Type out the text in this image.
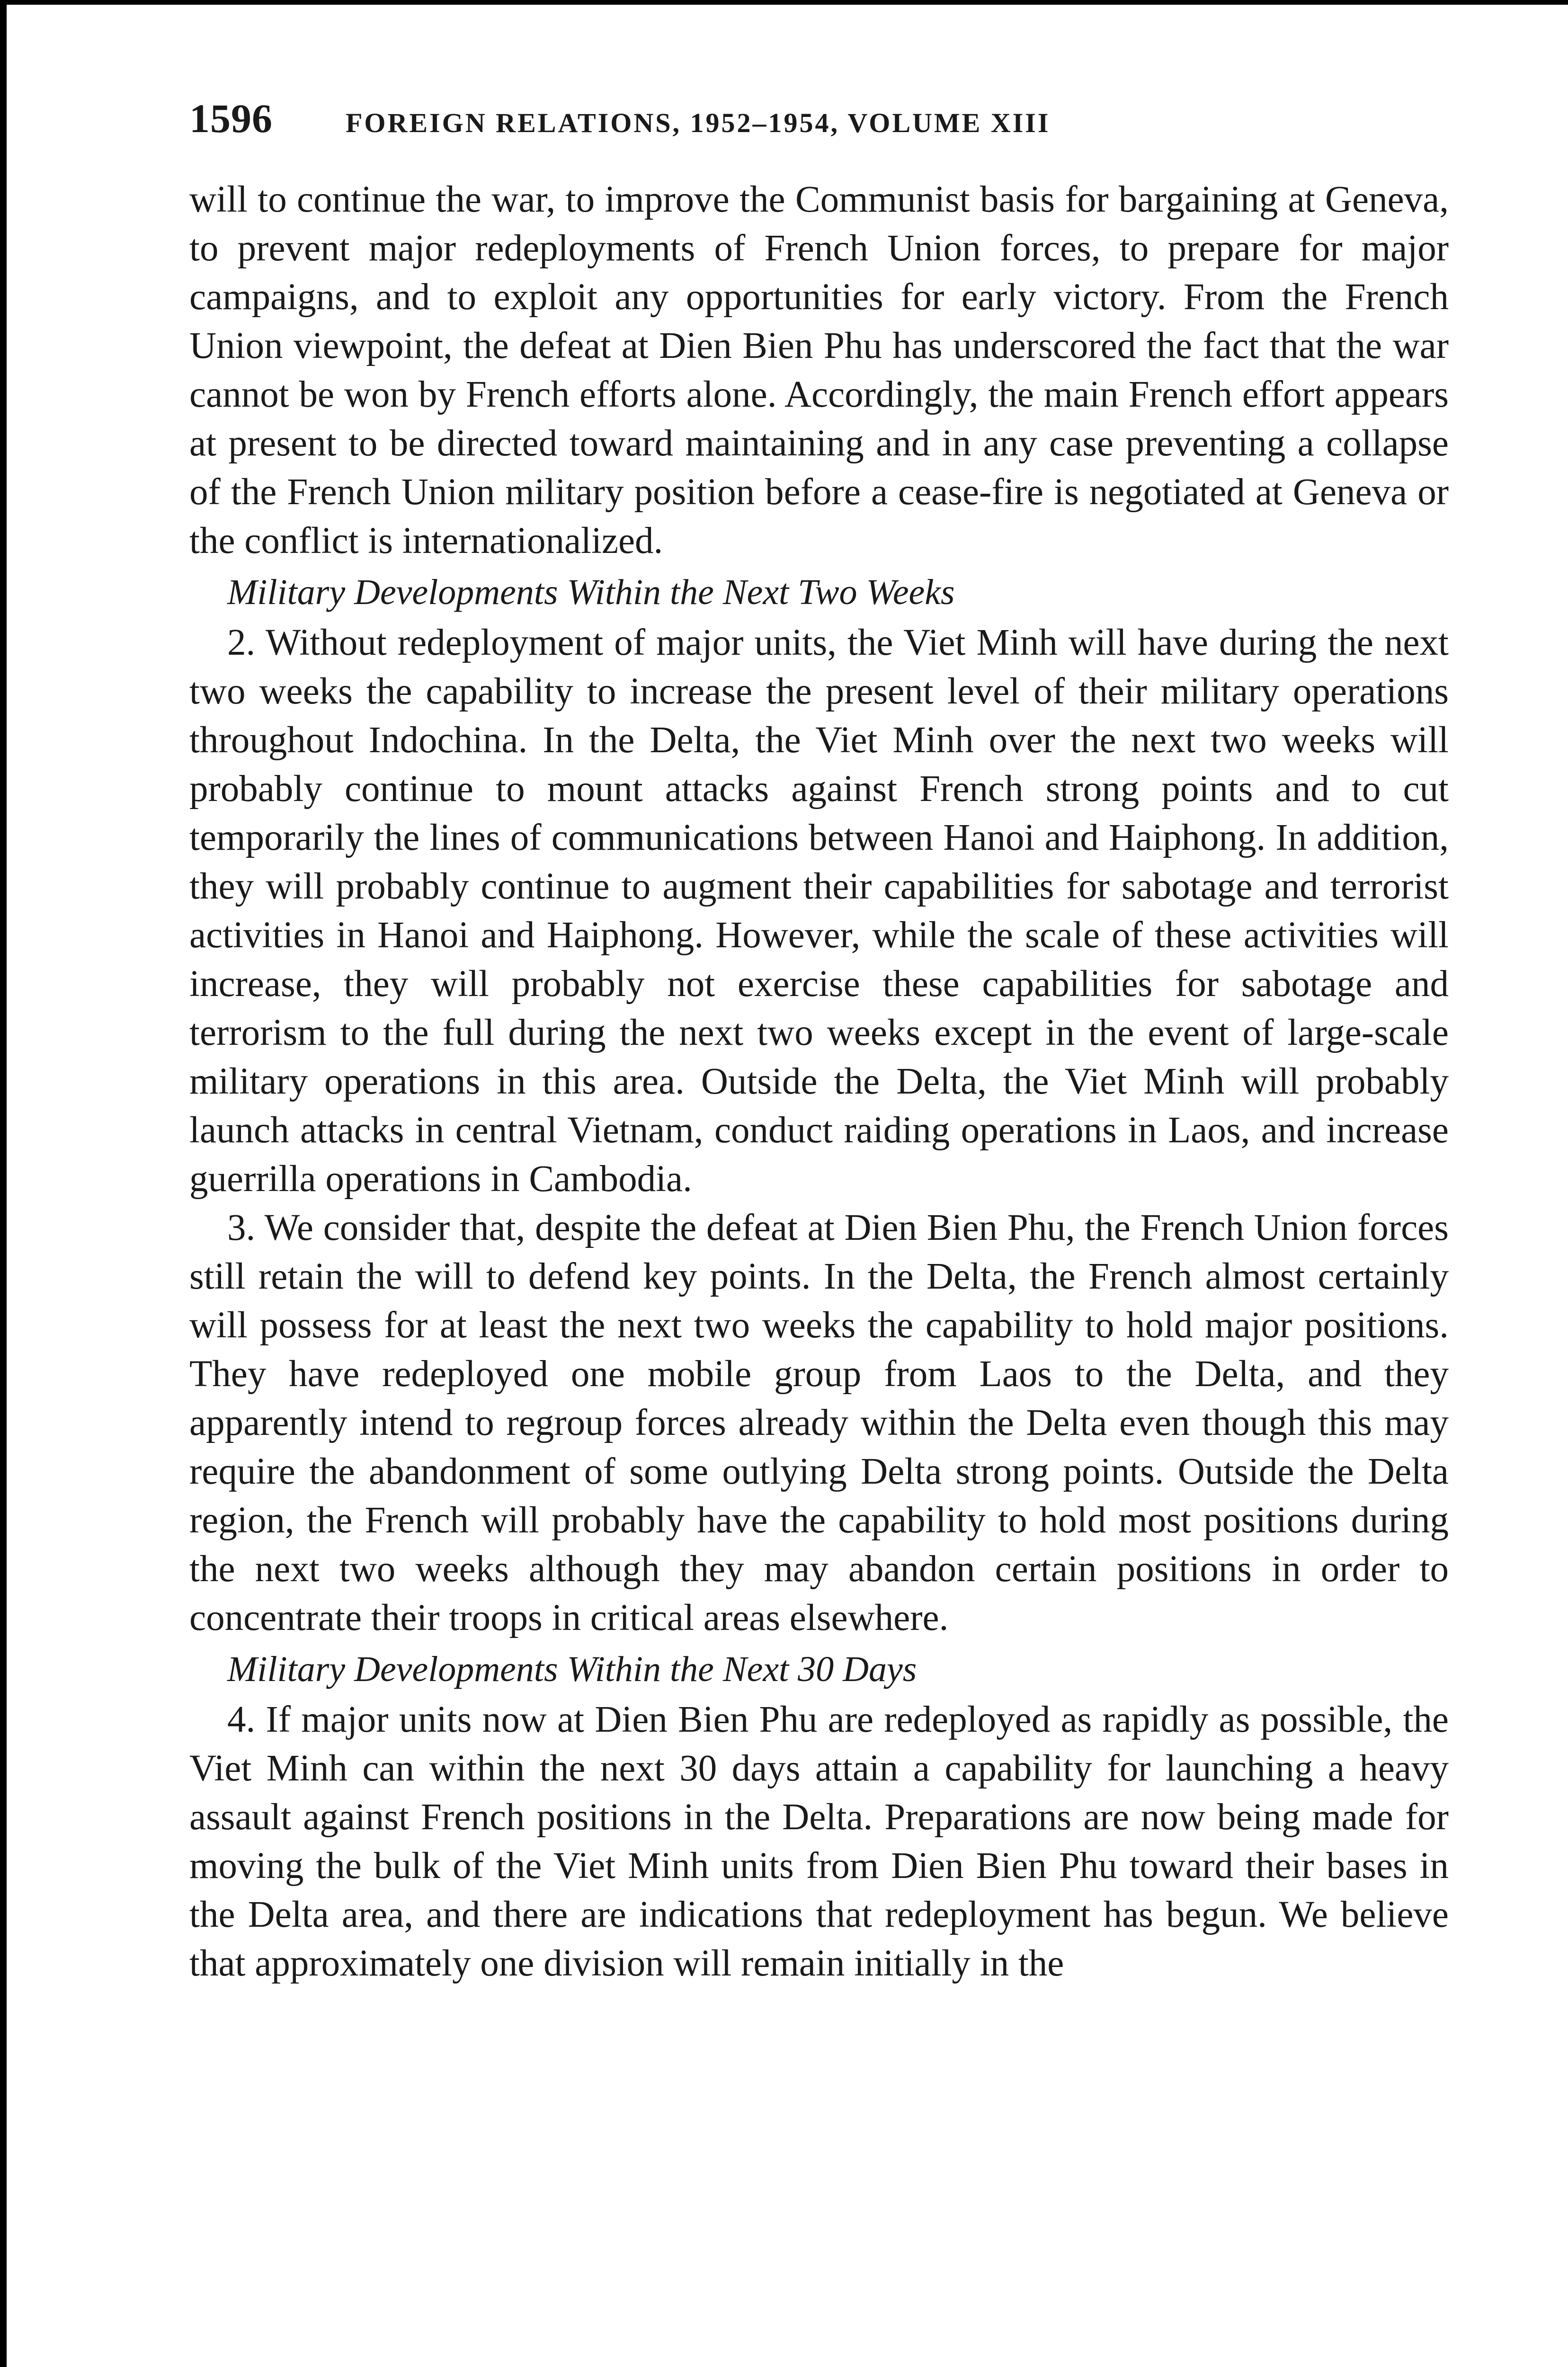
1596	FOREIGN RELATIONS, 1952–1954, VOLUME XIII

will to continue the war, to improve the Communist basis for bargaining at Geneva, to prevent major redeployments of French Union forces, to prepare for major campaigns, and to exploit any opportunities for early victory. From the French Union viewpoint, the defeat at Dien Bien Phu has underscored the fact that the war cannot be won by French efforts alone. Accordingly, the main French effort appears at present to be directed toward maintaining and in any case preventing a collapse of the French Union military position before a cease-fire is negotiated at Geneva or the conflict is internationalized.

Military Developments Within the Next Two Weeks

2. Without redeployment of major units, the Viet Minh will have during the next two weeks the capability to increase the present level of their military operations throughout Indochina. In the Delta, the Viet Minh over the next two weeks will probably continue to mount attacks against French strong points and to cut temporarily the lines of communications between Hanoi and Haiphong. In addition, they will probably continue to augment their capabilities for sabotage and terrorist activities in Hanoi and Haiphong. However, while the scale of these activities will increase, they will probably not exercise these capabilities for sabotage and terrorism to the full during the next two weeks except in the event of large-scale military operations in this area. Outside the Delta, the Viet Minh will probably launch attacks in central Vietnam, conduct raiding operations in Laos, and increase guerrilla operations in Cambodia.

3. We consider that, despite the defeat at Dien Bien Phu, the French Union forces still retain the will to defend key points. In the Delta, the French almost certainly will possess for at least the next two weeks the capability to hold major positions. They have redeployed one mobile group from Laos to the Delta, and they apparently intend to regroup forces already within the Delta even though this may require the abandonment of some outlying Delta strong points. Outside the Delta region, the French will probably have the capability to hold most positions during the next two weeks although they may abandon certain positions in order to concentrate their troops in critical areas elsewhere.

Military Developments Within the Next 30 Days

4. If major units now at Dien Bien Phu are redeployed as rapidly as possible, the Viet Minh can within the next 30 days attain a capability for launching a heavy assault against French positions in the Delta. Preparations are now being made for moving the bulk of the Viet Minh units from Dien Bien Phu toward their bases in the Delta area, and there are indications that redeployment has begun. We believe that approximately one division will remain initially in the
